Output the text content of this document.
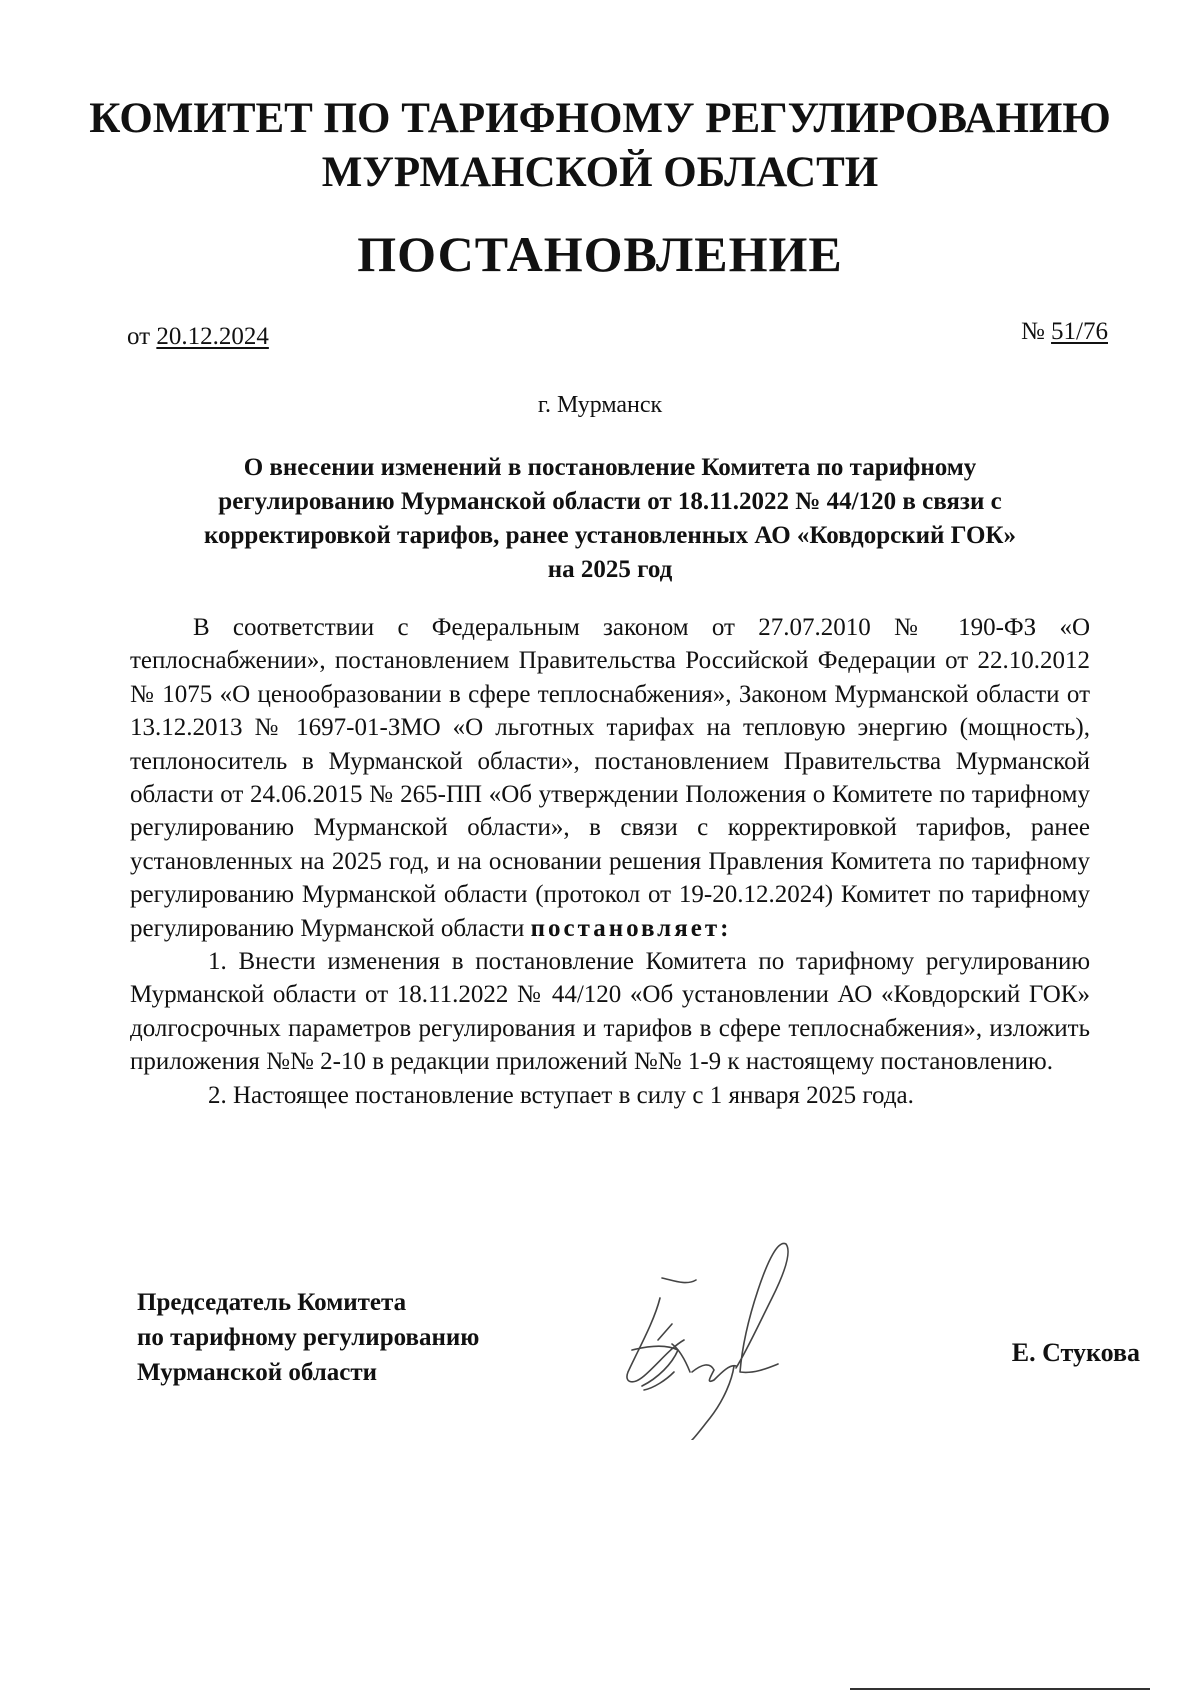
КОМИТЕТ ПО ТАРИФНОМУ РЕГУЛИРОВАНИЮ
МУРМАНСКОЙ ОБЛАСТИ
ПОСТАНОВЛЕНИЕ
от 20.12.2024	№ 51/76
г. Мурманск
О внесении изменений в постановление Комитета по тарифному
регулированию Мурманской области от 18.11.2022 № 44/120 в связи с
корректировкой тарифов, ранее установленных АО «Ковдорский ГОК»
на 2025 год

В соответствии с Федеральным законом от 27.07.2010 № 190-ФЗ «О теплоснабжении», постановлением Правительства Российской Федерации от 22.10.2012 № 1075 «О ценообразовании в сфере теплоснабжения», Законом Мурманской области от 13.12.2013 № 1697-01-ЗМО «О льготных тарифах на тепловую энергию (мощность), теплоноситель в Мурманской области», постановлением Правительства Мурманской области от 24.06.2015 № 265-ПП «Об утверждении Положения о Комитете по тарифному регулированию Мурманской области», в связи с корректировкой тарифов, ранее установленных на 2025 год, и на основании решения Правления Комитета по тарифному регулированию Мурманской области (протокол от 19-20.12.2024) Комитет по тарифному регулированию Мурманской области постановляет:

1. Внести изменения в постановление Комитета по тарифному регулированию Мурманской области от 18.11.2022 № 44/120 «Об установлении АО «Ковдорский ГОК» долгосрочных параметров регулирования и тарифов в сфере теплоснабжения», изложить приложения №№ 2-10 в редакции приложений №№ 1-9 к настоящему постановлению.

2. Настоящее постановление вступает в силу с 1 января 2025 года.

Председатель Комитета
по тарифному регулированию
Мурманской области
Е. Стукова
